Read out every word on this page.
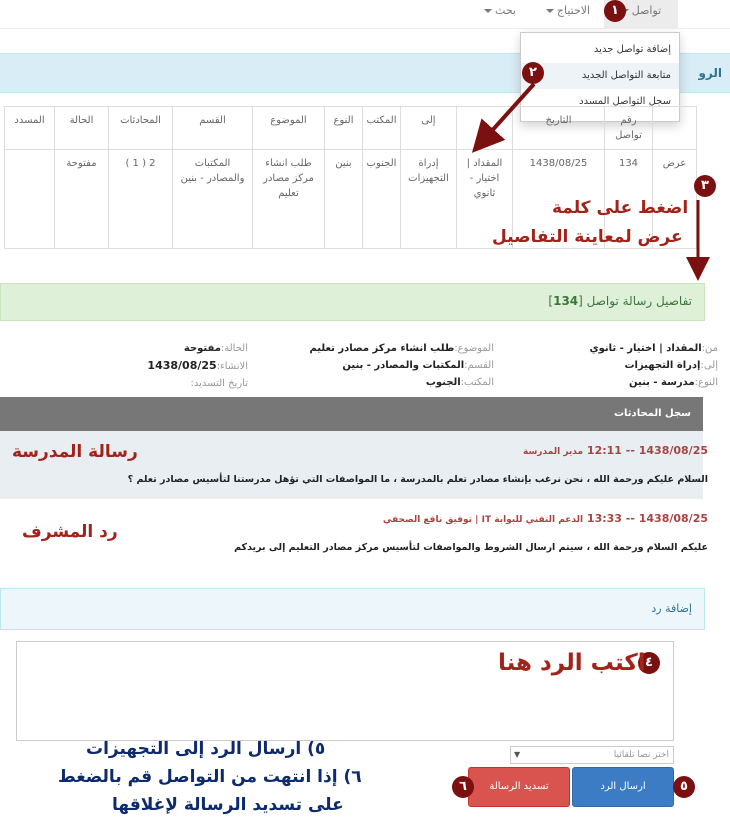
تواصل
الاحتياج
بحث
الرو
إضافة تواصل جديد
متابعة التواصل الجديد
سجل التواصل المسدد
	رقم تواصل	التاريخ		إلى	المكتب	النوع	الموضوع	القسم	المحادثات	الحالة	المسدد
عرض	134	1438/08/25	المقداد | اختيار - ثانوي	إدراة التجهيزات	الجنوب	بنين	طلب انشاء مركز مصادر تعليم	المكتبات والمصادر - بنين	2 ( 1 )	مفتوحة	
تفاصيل رسالة تواصل [134]
من:المقداد | اختيار - ثانوي
إلى:إدراة التجهيزات
النوع:مدرسة - بنين
الموضوع:طلب انشاء مركز مصادر تعليم
القسم:المكتبات والمصادر - بنين
المكتب:الجنوب
الحالة:مفتوحة
الانشاء:1438/08/25
تاريخ التسديد:
سجل المحادثات
1438/08/25 -- 12:11 مدير المدرسة
السلام عليكم ورحمة الله ، نحن نرغب بإنشاء مصادر تعلم بالمدرسة ، ما المواصفات التي تؤهل مدرستنا لتأسيس مصادر تعلم ؟
1438/08/25 -- 13:33 الدعم التقني للبوابة IT | توفيق نافع الصحفي
عليكم السلام ورحمة الله ، سيتم ارسال الشروط والمواصفات لتأسيس مركز مصادر التعليم إلى بريدكم
إضافة رد
اختر نصا تلقائيا
▼
ارسال الرد
تسديد الرسالة
١
٢
٣
٤
٥
٦
اضغط على كلمة
عرض لمعاينة التفاصيل
رسالة المدرسة
رد المشرف
اكتب الرد هنا
٥) ارسال الرد إلى التجهيزات
٦) إذا انتهت من التواصل قم بالضغط
على تسديد الرسالة لإغلاقها
